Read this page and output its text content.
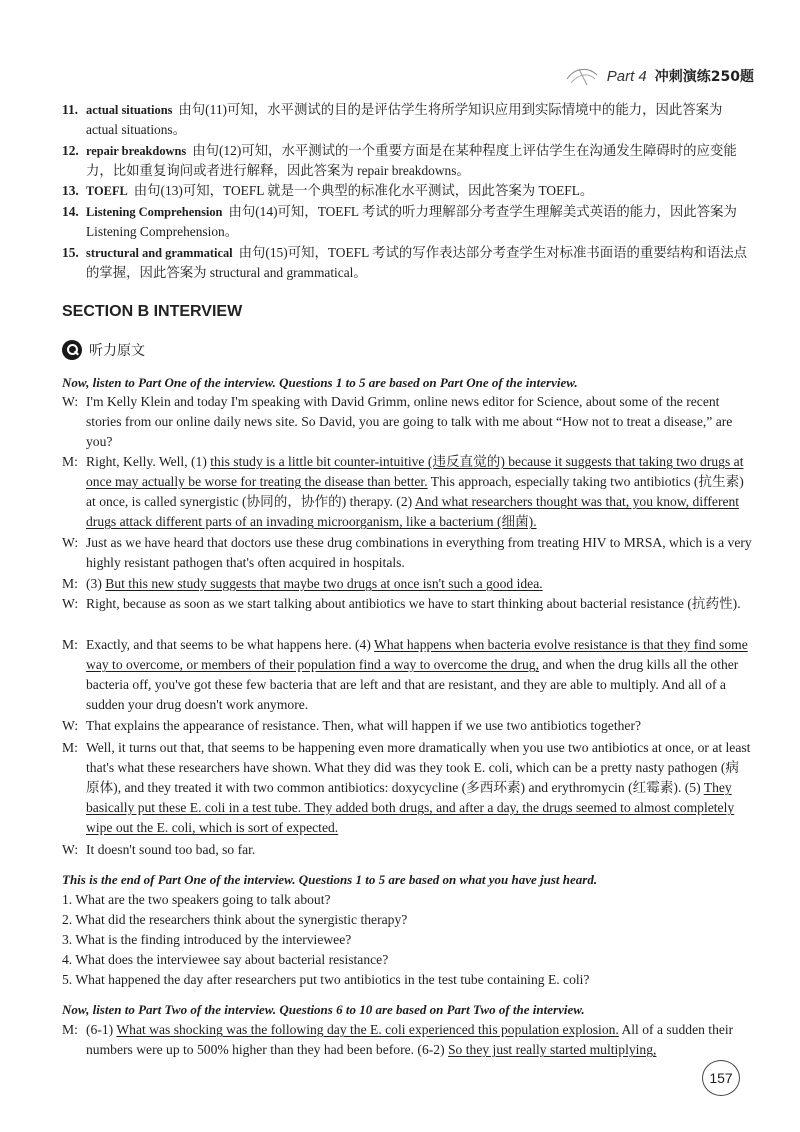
Part 4 冲刺演练250题
11. actual situations 由句(11)可知，水平测试的目的是评估学生将所学知识应用到实际情境中的能力，因此答案为 actual situations。
12. repair breakdowns 由句(12)可知，水平测试的一个重要方面是在某种程度上评估学生在沟通发生障碍时的应变能力，比如重复询问或者进行解释，因此答案为 repair breakdowns。
13. TOEFL 由句(13)可知，TOEFL 就是一个典型的标准化水平测试，因此答案为 TOEFL。
14. Listening Comprehension 由句(14)可知，TOEFL 考试的听力理解部分考查学生理解美式英语的能力，因此答案为 Listening Comprehension。
15. structural and grammatical 由句(15)可知，TOEFL 考试的写作表达部分考查学生对标准书面语的重要结构和语法点的掌握，因此答案为 structural and grammatical。
SECTION B INTERVIEW
听力原文
Now, listen to Part One of the interview. Questions 1 to 5 are based on Part One of the interview.
W: I'm Kelly Klein and today I'm speaking with David Grimm, online news editor for Science, about some of the recent stories from our online daily news site. So David, you are going to talk with me about “How not to treat a disease,” are you?
M: Right, Kelly. Well, (1) this study is a little bit counter-intuitive (违反直觉的) because it suggests that taking two drugs at once may actually be worse for treating the disease than better. This approach, especially taking two antibiotics (抗生素) at once, is called synergistic (协同的，协作的) therapy. (2) And what researchers thought was that, you know, different drugs attack different parts of an invading microorganism, like a bacterium (细菌).
W: Just as we have heard that doctors use these drug combinations in everything from treating HIV to MRSA, which is a very highly resistant pathogen that's often acquired in hospitals.
M: (3) But this new study suggests that maybe two drugs at once isn't such a good idea.
W: Right, because as soon as we start talking about antibiotics we have to start thinking about bacterial resistance (抗药性).
M: Exactly, and that seems to be what happens here. (4) What happens when bacteria evolve resistance is that they find some way to overcome, or members of their population find a way to overcome the drug, and when the drug kills all the other bacteria off, you've got these few bacteria that are left and that are resistant, and they are able to multiply. And all of a sudden your drug doesn't work anymore.
W: That explains the appearance of resistance. Then, what will happen if we use two antibiotics together?
M: Well, it turns out that, that seems to be happening even more dramatically when you use two antibiotics at once, or at least that's what these researchers have shown. What they did was they took E. coli, which can be a pretty nasty pathogen (病原体), and they treated it with two common antibiotics: doxycycline (多西环素) and erythromycin (红霉素). (5) They basically put these E. coli in a test tube. They added both drugs, and after a day, the drugs seemed to almost completely wipe out the E. coli, which is sort of expected.
W: It doesn't sound too bad, so far.
This is the end of Part One of the interview. Questions 1 to 5 are based on what you have just heard.
1. What are the two speakers going to talk about?
2. What did the researchers think about the synergistic therapy?
3. What is the finding introduced by the interviewee?
4. What does the interviewee say about bacterial resistance?
5. What happened the day after researchers put two antibiotics in the test tube containing E. coli?
Now, listen to Part Two of the interview. Questions 6 to 10 are based on Part Two of the interview.
M: (6-1) What was shocking was the following day the E. coli experienced this population explosion. All of a sudden their numbers were up to 500% higher than they had been before. (6-2) So they just really started multiplying,
157
